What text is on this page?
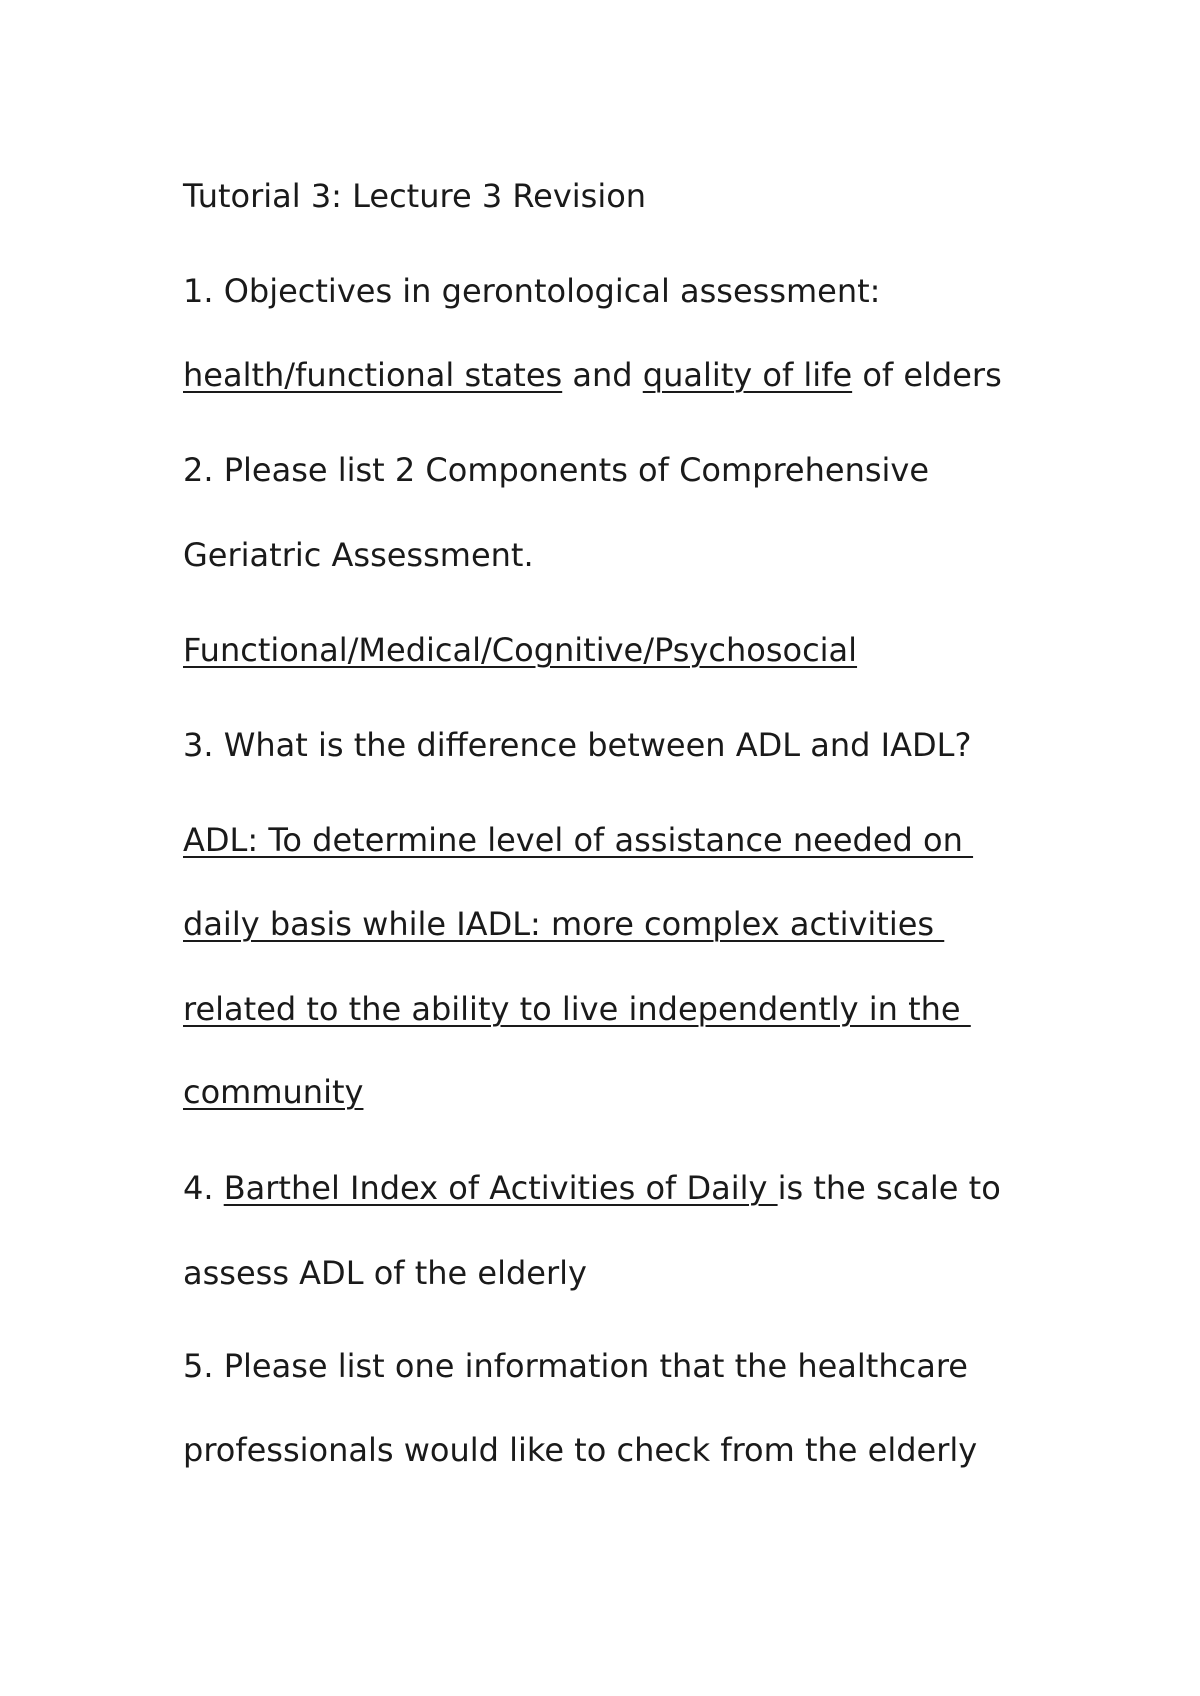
Tutorial 3: Lecture 3 Revision
1. Objectives in gerontological assessment:
health/functional states and quality of life of elders
2. Please list 2 Components of Comprehensive
Geriatric Assessment.
Functional/Medical/Cognitive/Psychosocial
3. What is the difference between ADL and IADL?
ADL: To determine level of assistance needed on
daily basis while IADL: more complex activities
related to the ability to live independently in the
community
4. Barthel Index of Activities of Daily is the scale to
assess ADL of the elderly
5. Please list one information that the healthcare
professionals would like to check from the elderly
